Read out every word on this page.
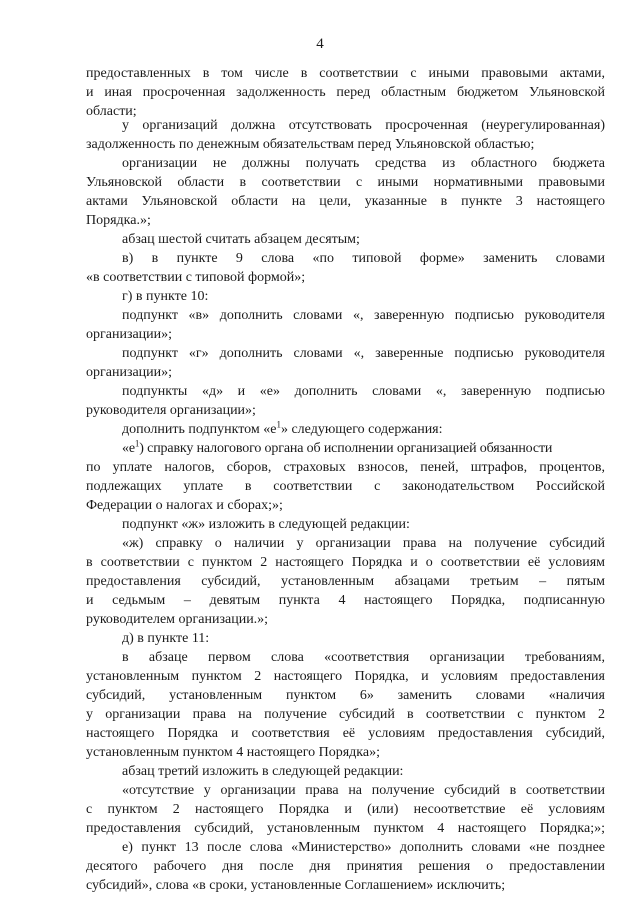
4
предоставленных в том числе в соответствии с иными правовыми актами,
и иная просроченная задолженность перед областным бюджетом Ульяновской
области;
у организаций должна отсутствовать просроченная (неурегулированная)
задолженность по денежным обязательствам перед Ульяновской областью;
организации не должны получать средства из областного бюджета
Ульяновской области в соответствии с иными нормативными правовыми
актами Ульяновской области на цели, указанные в пункте 3 настоящего
Порядка.»;
абзац шестой считать абзацем десятым;
в) в пункте 9 слова «по типовой форме» заменить словами
«в соответствии с типовой формой»;
г) в пункте 10:
подпункт «в» дополнить словами «, заверенную подписью руководителя
организации»;
подпункт «г» дополнить словами «, заверенные подписью руководителя
организации»;
подпункты «д» и «е» дополнить словами «, заверенную подписью
руководителя организации»;
дополнить подпунктом «$е^1$» следующего содержания:
«$е^1$) справку налогового органа об исполнении организацией обязанности
по уплате налогов, сборов, страховых взносов, пеней, штрафов, процентов,
подлежащих уплате в соответствии с законодательством Российской
Федерации о налогах и сборах;»;
подпункт «ж» изложить в следующей редакции:
«ж) справку о наличии у организации права на получение субсидий
в соответствии с пунктом 2 настоящего Порядка и о соответствии её условиям
предоставления субсидий, установленным абзацами третьим – пятым
и седьмым – девятым пункта 4 настоящего Порядка, подписанную
руководителем организации.»;
д) в пункте 11:
в абзаце первом слова «соответствия организации требованиям,
установленным пунктом 2 настоящего Порядка, и условиям предоставления
субсидий, установленным пунктом 6» заменить словами «наличия
у организации права на получение субсидий в соответствии с пунктом 2
настоящего Порядка и соответствия её условиям предоставления субсидий,
установленным пунктом 4 настоящего Порядка»;
абзац третий изложить в следующей редакции:
«отсутствие у организации права на получение субсидий в соответствии
с пунктом 2 настоящего Порядка и (или) несоответствие её условиям
предоставления субсидий, установленным пунктом 4 настоящего Порядка;»;
е) пункт 13 после слова «Министерство» дополнить словами «не позднее
десятого рабочего дня после дня принятия решения о предоставлении
субсидий», слова «в сроки, установленные Соглашением» исключить;
